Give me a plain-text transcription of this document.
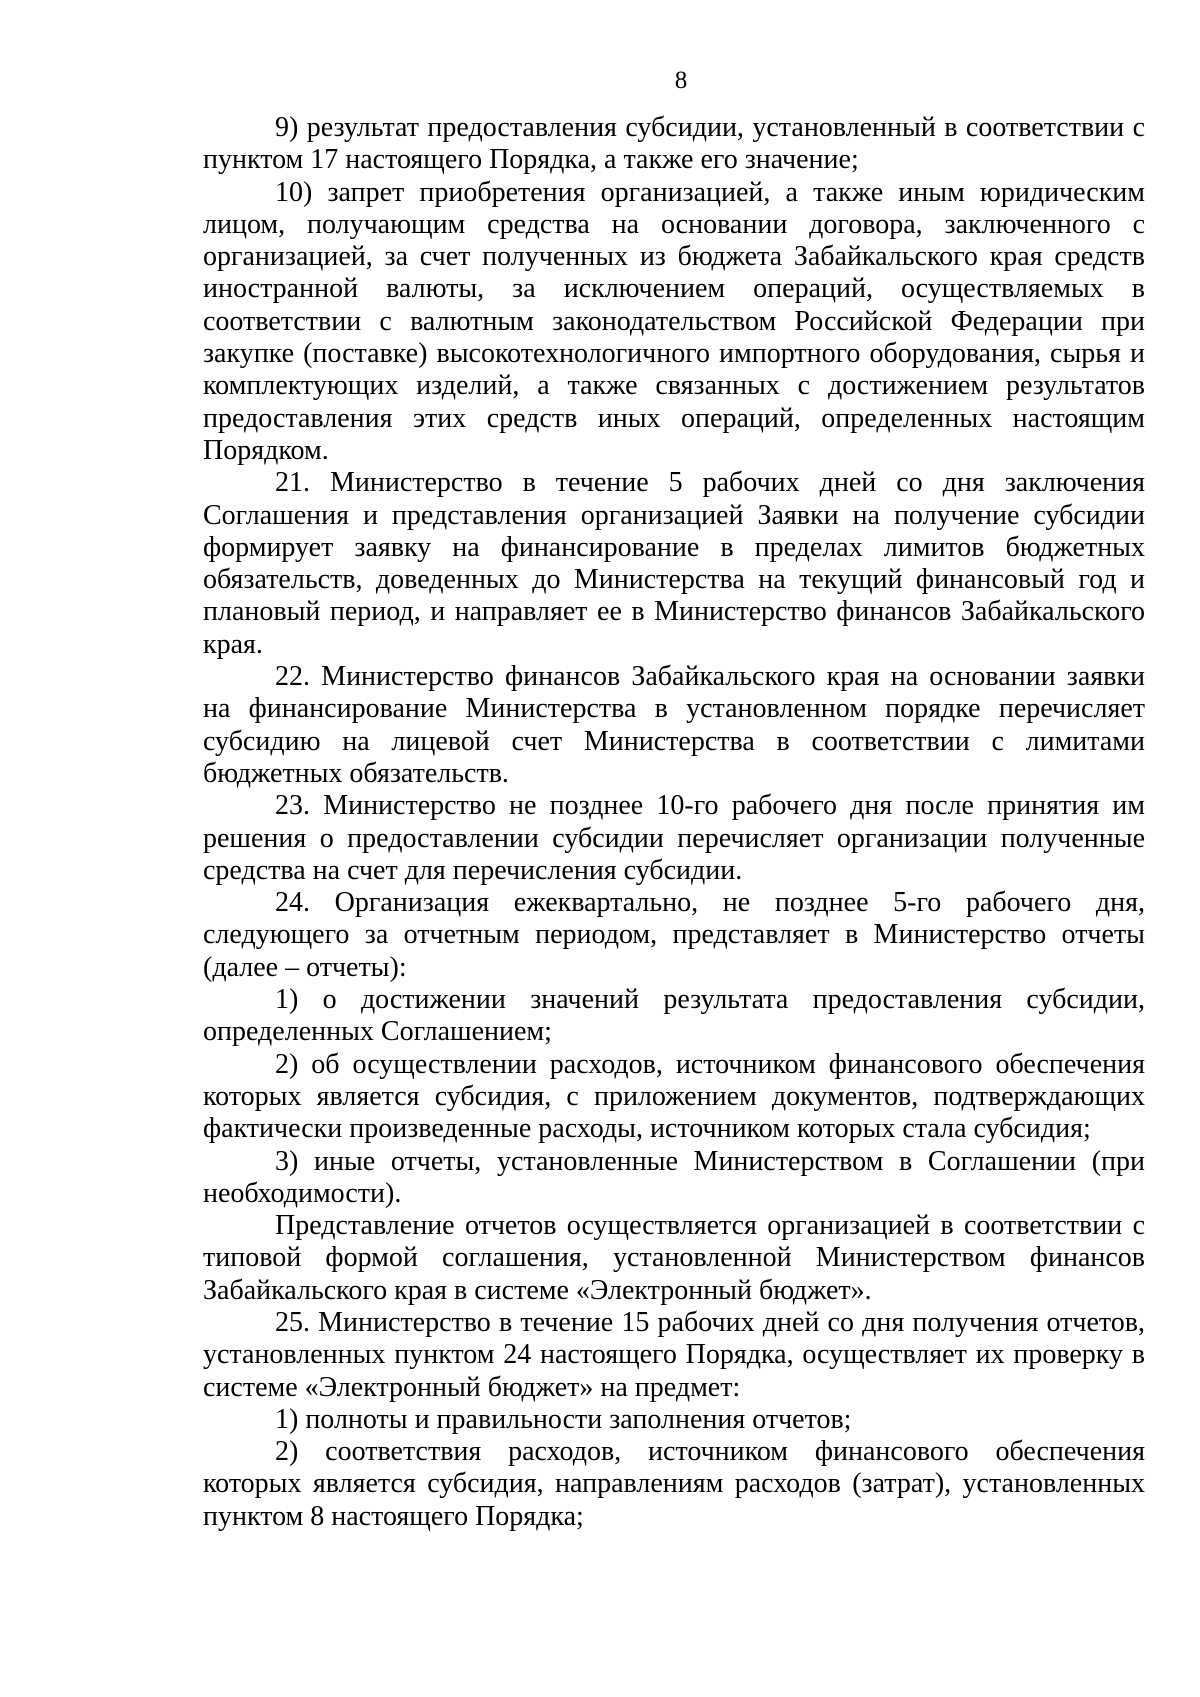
8

9) результат предоставления субсидии, установленный в соответствии с пунктом 17 настоящего Порядка, а также его значение;

10) запрет приобретения организацией, а также иным юридическим лицом, получающим средства на основании договора, заключенного с организацией, за счет полученных из бюджета Забайкальского края средств иностранной валюты, за исключением операций, осуществляемых в соответствии с валютным законодательством Российской Федерации при закупке (поставке) высокотехнологичного импортного оборудования, сырья и комплектующих изделий, а также связанных с достижением результатов предоставления этих средств иных операций, определенных настоящим Порядком.

21. Министерство в течение 5 рабочих дней со дня заключения Соглашения и представления организацией Заявки на получение субсидии формирует заявку на финансирование в пределах лимитов бюджетных обязательств, доведенных до Министерства на текущий финансовый год и плановый период, и направляет ее в Министерство финансов Забайкальского края.

22. Министерство финансов Забайкальского края на основании заявки на финансирование Министерства в установленном порядке перечисляет субсидию на лицевой счет Министерства в соответствии с лимитами бюджетных обязательств.

23. Министерство не позднее 10-го рабочего дня после принятия им решения о предоставлении субсидии перечисляет организации полученные средства на счет для перечисления субсидии.

24. Организация ежеквартально, не позднее 5-го рабочего дня, следующего за отчетным периодом, представляет в Министерство отчеты (далее – отчеты):

1) о достижении значений результата предоставления субсидии, определенных Соглашением;

2) об осуществлении расходов, источником финансового обеспечения которых является субсидия, с приложением документов, подтверждающих фактически произведенные расходы, источником которых стала субсидия;

3) иные отчеты, установленные Министерством в Соглашении (при необходимости).

Представление отчетов осуществляется организацией в соответствии с типовой формой соглашения, установленной Министерством финансов Забайкальского края в системе «Электронный бюджет».

25. Министерство в течение 15 рабочих дней со дня получения отчетов, установленных пунктом 24 настоящего Порядка, осуществляет их проверку в системе «Электронный бюджет» на предмет:

1) полноты и правильности заполнения отчетов;

2) соответствия расходов, источником финансового обеспечения которых является субсидия, направлениям расходов (затрат), установленных пунктом 8 настоящего Порядка;
